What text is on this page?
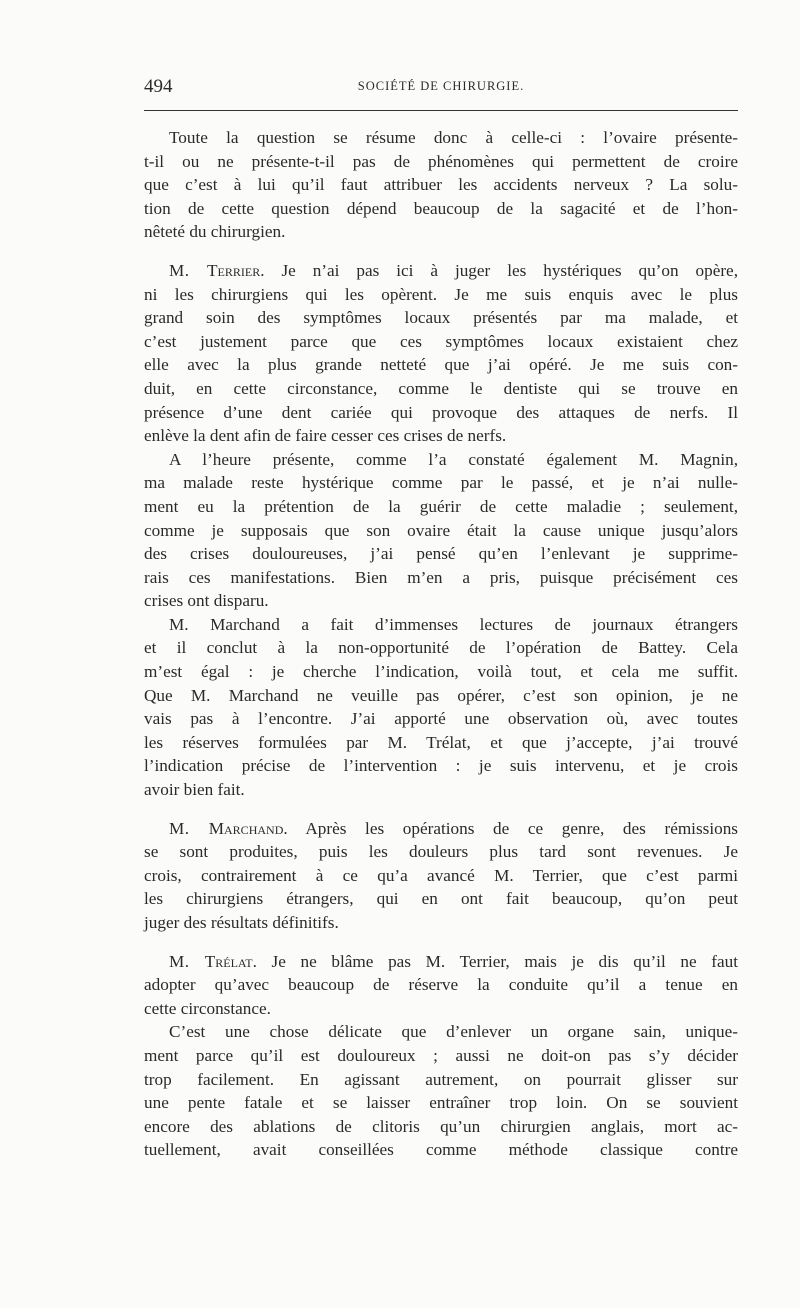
494	SOCIÉTÉ DE CHIRURGIE.
Toute la question se résume donc à celle-ci : l’ovaire présente-
t-il ou ne présente-t-il pas de phénomènes qui permettent de croire
que c’est à lui qu’il faut attribuer les accidents nerveux ? La solu-
tion de cette question dépend beaucoup de la sagacité et de l’hon-
nêteté du chirurgien.
M. Terrier. Je n’ai pas ici à juger les hystériques qu’on opère,
ni les chirurgiens qui les opèrent. Je me suis enquis avec le plus
grand soin des symptômes locaux présentés par ma malade, et
c’est justement parce que ces symptômes locaux existaient chez
elle avec la plus grande netteté que j’ai opéré. Je me suis con-
duit, en cette circonstance, comme le dentiste qui se trouve en
présence d’une dent cariée qui provoque des attaques de nerfs. Il
enlève la dent afin de faire cesser ces crises de nerfs.
A l’heure présente, comme l’a constaté également M. Magnin,
ma malade reste hystérique comme par le passé, et je n’ai nulle-
ment eu la prétention de la guérir de cette maladie ; seulement,
comme je supposais que son ovaire était la cause unique jusqu’alors
des crises douloureuses, j’ai pensé qu’en l’enlevant je supprime-
rais ces manifestations. Bien m’en a pris, puisque précisément ces
crises ont disparu.
M. Marchand a fait d’immenses lectures de journaux étrangers
et il conclut à la non-opportunité de l’opération de Battey. Cela
m’est égal : je cherche l’indication, voilà tout, et cela me suffit.
Que M. Marchand ne veuille pas opérer, c’est son opinion, je ne
vais pas à l’encontre. J’ai apporté une observation où, avec toutes
les réserves formulées par M. Trélat, et que j’accepte, j’ai trouvé
l’indication précise de l’intervention : je suis intervenu, et je crois
avoir bien fait.
M. Marchand. Après les opérations de ce genre, des rémissions
se sont produites, puis les douleurs plus tard sont revenues. Je
crois, contrairement à ce qu’a avancé M. Terrier, que c’est parmi
les chirurgiens étrangers, qui en ont fait beaucoup, qu’on peut
juger des résultats définitifs.
M. Trélat. Je ne blâme pas M. Terrier, mais je dis qu’il ne faut
adopter qu’avec beaucoup de réserve la conduite qu’il a tenue en
cette circonstance.
C’est une chose délicate que d’enlever un organe sain, unique-
ment parce qu’il est douloureux ; aussi ne doit-on pas s’y décider
trop facilement. En agissant autrement, on pourrait glisser sur
une pente fatale et se laisser entraîner trop loin. On se souvient
encore des ablations de clitoris qu’un chirurgien anglais, mort ac-
tuellement, avait conseillées comme méthode classique contre
